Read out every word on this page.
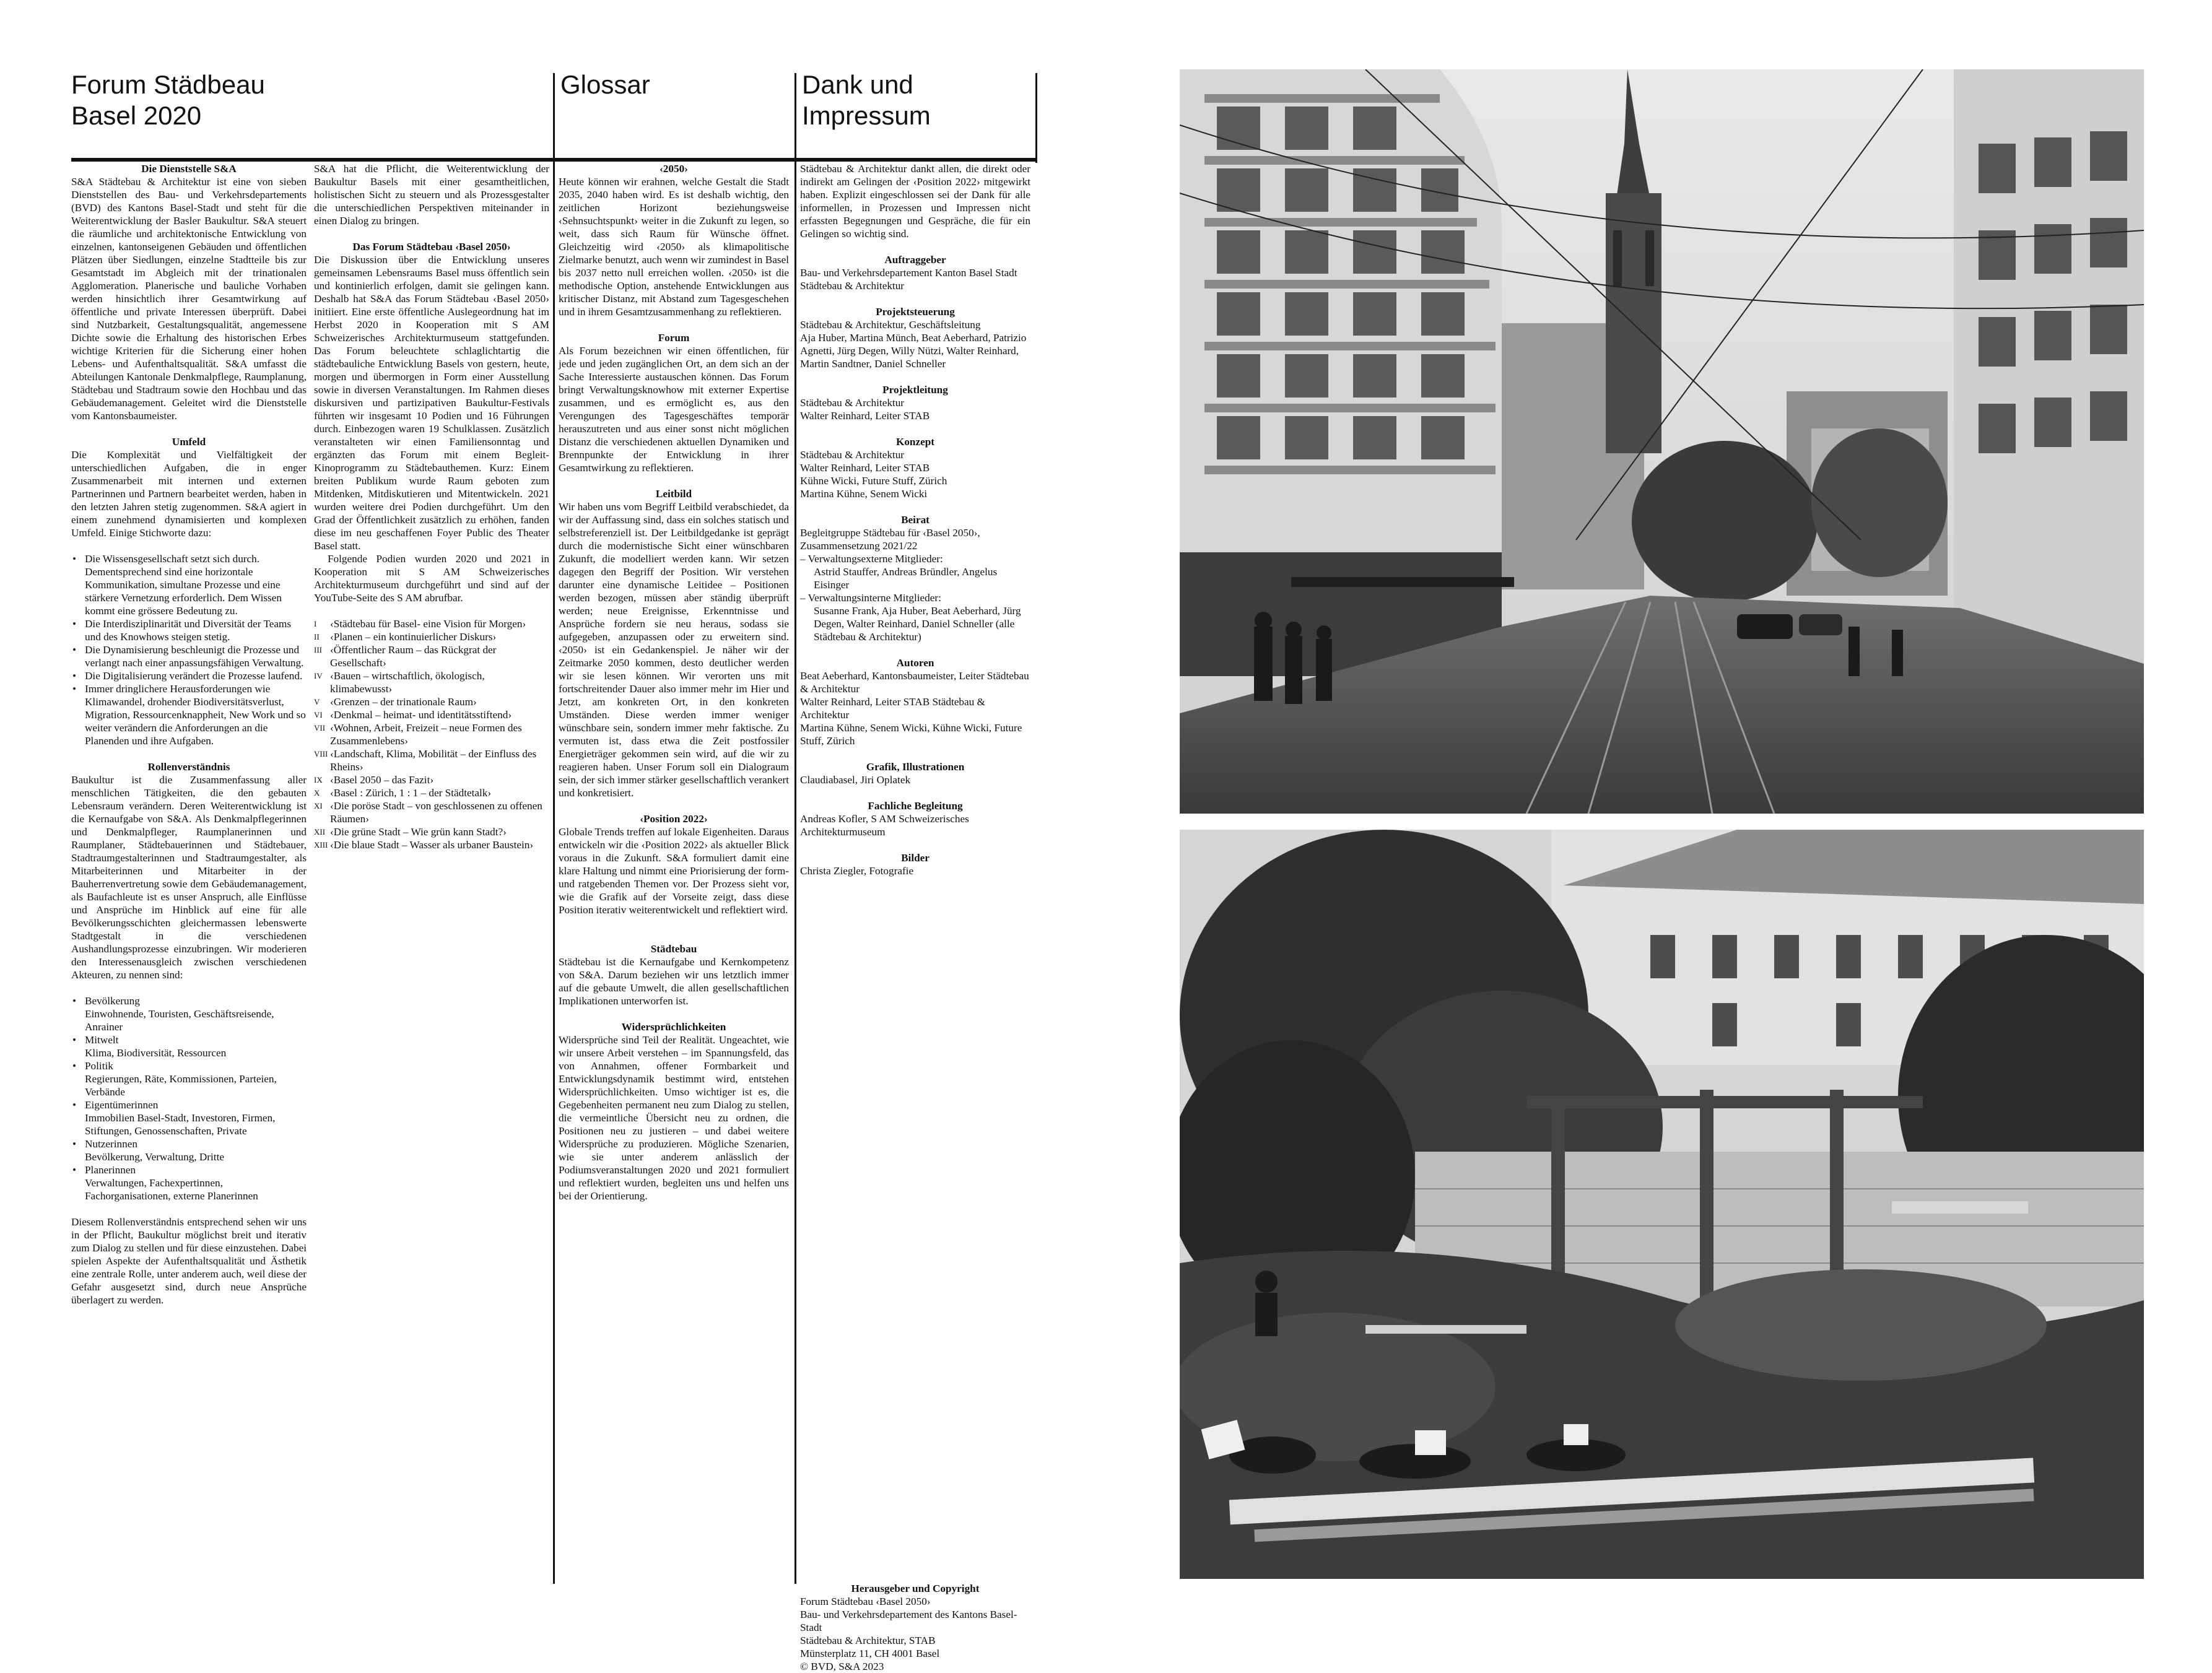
Forum Städbeau
Basel 2020
Glossar	Dank und
Impressum
Die Dienststelle S&A

S&A Städtebau & Architektur ist eine von sieben Dienststellen des Bau- und Verkehrsdepartements (BVD) des Kantons Basel-Stadt und steht für die Weiterentwicklung der Basler Baukultur. S&A steuert die räumliche und architektonische Entwicklung von einzelnen, kantonseigenen Gebäuden und öffentlichen Plätzen über Siedlungen, einzelne Stadtteile bis zur Gesamtstadt im Abgleich mit der trinationalen Agglomeration. Planerische und bauliche Vorhaben werden hinsichtlich ihrer Gesamtwirkung auf öffentliche und private Interessen überprüft. Dabei sind Nutzbarkeit, Gestaltungsqualität, angemessene Dichte sowie die Erhaltung des historischen Erbes wichtige Kriterien für die Sicherung einer hohen Lebens- und Aufenthaltsqualität. S&A umfasst die Abteilungen Kantonale Denkmalpflege, Raumplanung, Städtebau und Stadtraum sowie den Hochbau und das Gebäudemanagement. Geleitet wird die Dienststelle vom Kantonsbaumeister.

Umfeld

Die Komplexität und Vielfältigkeit der unterschiedlichen Aufgaben, die in enger Zusammenarbeit mit internen und externen Partnerinnen und Partnern bearbeitet werden, haben in den letzten Jahren stetig zugenommen. S&A agiert in einem zunehmend dynamisierten und komplexen Umfeld. Einige Stichworte dazu:

• Die Wissensgesellschaft setzt sich durch. Dementsprechend sind eine horizontale Kommunikation, simultane Prozesse und eine stärkere Vernetzung erforderlich. Dem Wissen kommt eine grössere Bedeutung zu.
• Die Interdisziplinarität und Diversität der Teams und des Knowhows steigen stetig.
• Die Dynamisierung beschleunigt die Prozesse und verlangt nach einer anpassungsfähigen Verwaltung.
• Die Digitalisierung verändert die Prozesse laufend.
• Immer dringlichere Herausforderungen wie Klimawandel, drohender Biodiversitätsverlust, Migration, Ressourcenknappheit, New Work und so weiter verändern die Anforderungen an die Planenden und ihre Aufgaben.
Rollenverständnis

Baukultur ist die Zusammenfassung aller menschlichen Tätigkeiten, die den gebauten Lebensraum verändern. Deren Weiterentwicklung ist die Kernaufgabe von S&A. Als Denkmalpflegerinnen und Denkmalpfleger, Raumplanerinnen und Raumplaner, Städtebauerinnen und Städtebauer, Stadtraumgestalterinnen und Stadtraumgestalter, als Mitarbeiterinnen und Mitarbeiter in der Bauherrenvertretung sowie dem Gebäudemanagement, als Baufachleute ist es unser Anspruch, alle Einflüsse und Ansprüche im Hinblick auf eine für alle Bevölkerungsschichten gleichermassen lebenswerte Stadtgestalt in die verschiedenen Aushandlungsprozesse einzubringen. Wir moderieren den Interessenausgleich zwischen verschiedenen Akteuren, zu nennen sind:

• Bevölkerung
Einwohnende, Touristen, Geschäftsreisende, Anrainer
• Mitwelt
Klima, Biodiversität, Ressourcen
• Politik
Regierungen, Räte, Kommissionen, Parteien, Verbände
• Eigentümerinnen
Immobilien Basel-Stadt, Investoren, Firmen, Stiftungen, Genossenschaften, Private
• Nutzerinnen
Bevölkerung, Verwaltung, Dritte
• Planerinnen
Verwaltungen, Fachexpertinnen, Fachorganisationen, externe Planerinnen

Diesem Rollenverständnis entsprechend sehen wir uns in der Pflicht, Baukultur möglichst breit und iterativ zum Dialog zu stellen und für diese einzustehen. Dabei spielen Aspekte der Aufenthaltsqualität und Ästhetik eine zentrale Rolle, unter anderem auch, weil diese der Gefahr ausgesetzt sind, durch neue Ansprüche überlagert zu werden.

S&A hat die Pflicht, die Weiterentwicklung der Baukultur Basels mit einer gesamtheitlichen, holistischen Sicht zu steuern und als Prozessgestalter die unterschiedlichen Perspektiven miteinander in einen Dialog zu bringen.

Das Forum Städtebau ‹Basel 2050›

Die Diskussion über die Entwicklung unseres gemeinsamen Lebensraums Basel muss öffentlich sein und kontinierlich erfolgen, damit sie gelingen kann. Deshalb hat S&A das Forum Städtebau ‹Basel 2050› initiiert. Eine erste öffentliche Auslegeordnung hat im Herbst 2020 in Kooperation mit S AM Schweizerisches Architekturmuseum stattgefunden. Das Forum beleuchtete schlaglichtartig die städtebauliche Entwicklung Basels von gestern, heute, morgen und übermorgen in Form einer Ausstellung sowie in diversen Veranstaltungen. Im Rahmen dieses diskursiven und partizipativen Baukultur-Festivals führten wir insgesamt 10 Podien und 16 Führungen durch. Einbezogen waren 19 Schulklassen. Zusätzlich veranstalteten wir einen Familiensonntag und ergänzten das Forum mit einem Begleit-Kinoprogramm zu Städtebauthemen. Kurz: Einem breiten Publikum wurde Raum geboten zum Mitdenken, Mitdiskutieren und Mitentwickeln. 2021 wurden weitere drei Podien durchgeführt. Um den Grad der Öffentlichkeit zusätzlich zu erhöhen, fanden diese im neu geschaffenen Foyer Public des Theater Basel statt.

Folgende Podien wurden 2020 und 2021 in Kooperation mit S AM Schweizerisches Architekturmuseum durchgeführt und sind auf der YouTube-Seite des S AM abrufbar.

I	‹Städtebau für Basel- eine Vision für Morgen›
II	‹Planen – ein kontinuierlicher Diskurs›
III ‹Öffentlicher Raum – das Rückgrat der Gesellschaft›
IV ‹Bauen – wirtschaftlich, ökologisch, klimabewusst›
V ‹Grenzen – der trinationale Raum›
VI ‹Denkmal – heimat- und identitätsstiftend›
VII ‹Wohnen, Arbeit, Freizeit – neue Formen des Zusammenlebens›
VIII ‹Landschaft, Klima, Mobilität – der Einfluss des Rheins›
IX ‹Basel 2050 – das Fazit›
X ‹Basel : Zürich, 1 : 1 – der Städtetalk›
XI ‹Die poröse Stadt – von geschlossenen zu offenen Räumen›
XII ‹Die grüne Stadt – Wie grün kann Stadt?›
XIII ‹Die blaue Stadt – Wasser als urbaner Baustein›
‹2050›

Heute können wir erahnen, welche Gestalt die Stadt 2035, 2040 haben wird. Es ist deshalb wichtig, den zeitlichen Horizont beziehungsweise ‹Sehnsuchtspunkt› weiter in die Zukunft zu legen, so weit, dass sich Raum für Wünsche öffnet. Gleichzeitig wird ‹2050› als klimapolitische Zielmarke benutzt, auch wenn wir zumindest in Basel bis 2037 netto null erreichen wollen. ‹2050› ist die methodische Option, anstehende Entwicklungen aus kritischer Distanz, mit Abstand zum Tagesgeschehen und in ihrem Gesamtzusammenhang zu reflektieren.

Forum

Als Forum bezeichnen wir einen öffentlichen, für jede und jeden zugänglichen Ort, an dem sich an der Sache Interessierte austauschen können. Das Forum bringt Verwaltungsknowhow mit externer Expertise zusammen, und es ermöglicht es, aus den Verengungen des Tagesgeschäftes temporär herauszutreten und aus einer sonst nicht möglichen Distanz die verschiedenen aktuellen Dynamiken und Brennpunkte der Entwicklung in ihrer Gesamtwirkung zu reflektieren.

Leitbild

Wir haben uns vom Begriff Leitbild verabschiedet, da wir der Auffassung sind, dass ein solches statisch und selbstreferenziell ist. Der Leitbildgedanke ist geprägt durch die modernistische Sicht einer wünschbaren Zukunft, die modelliert werden kann. Wir setzen dagegen den Begriff der Position. Wir verstehen darunter eine dynamische Leitidee – Positionen werden bezogen, müssen aber ständig überprüft werden; neue Ereignisse, Erkenntnisse und Ansprüche fordern sie neu heraus, sodass sie aufgegeben, anzupassen oder zu erweitern sind. ‹2050› ist ein Gedankenspiel. Je näher wir der Zeitmarke 2050 kommen, desto deutlicher werden wir sie lesen können. Wir verorten uns mit fortschreitender Dauer also immer mehr im Hier und Jetzt, am konkreten Ort, in den konkreten Umständen. Diese werden immer weniger wünschbare sein, sondern immer mehr faktische. Zu vermuten ist, dass etwa die Zeit postfossiler Energieträger gekommen sein wird, auf die wir zu reagieren haben. Unser Forum soll ein Dialograum sein, der sich immer stärker gesellschaftlich verankert und konkretisiert.

‹Position 2022›

Globale Trends treffen auf lokale Eigenheiten. Daraus entwickeln wir die ‹Position 2022› als aktueller Blick voraus in die Zukunft. S&A formuliert damit eine klare Haltung und nimmt eine Priorisierung der form- und ratgebenden Themen vor. Der Prozess sieht vor, wie die Grafik auf der Vorseite zeigt, dass diese Position iterativ weiterentwickelt und reflektiert wird.

Städtebau

Städtebau ist die Kernaufgabe und Kernkompetenz von S&A. Darum beziehen wir uns letztlich immer auf die gebaute Umwelt, die allen gesellschaftlichen Implikationen unterworfen ist.

Widersprüchlichkeiten

Widersprüche sind Teil der Realität. Ungeachtet, wie wir unsere Arbeit verstehen – im Spannungsfeld, das von Annahmen, offener Formbarkeit und Entwicklungsdynamik bestimmt wird, entstehen Widersprüchlichkeiten. Umso wichtiger ist es, die Gegebenheiten permanent neu zum Dialog zu stellen, die vermeintliche Übersicht neu zu ordnen, die Positionen neu zu justieren – und dabei weitere Widersprüche zu produzieren. Mögliche Szenarien, wie sie unter anderem anlässlich der Podiumsveranstaltungen 2020 und 2021 formuliert und reflektiert wurden, begleiten uns und helfen uns bei der Orientierung.

Städtebau & Architektur dankt allen, die direkt oder indirekt am Gelingen der ‹Position 2022› mitgewirkt haben. Explizit eingeschlossen sei der Dank für alle informellen, in Prozessen und Impressen nicht erfassten Begegnungen und Gespräche, die für ein Gelingen so wichtig sind.

Auftraggeber

Bau- und Verkehrsdepartement Kanton Basel Stadt

Städtebau & Architektur

Projektsteuerung

Städtebau & Architektur, Geschäftsleitung

Aja Huber, Martina Münch, Beat Aeberhard, Patrizio Agnetti, Jürg Degen, Willy Nützi, Walter Reinhard, Martin Sandtner, Daniel Schneller

Projektleitung

Städtebau & Architektur

Walter Reinhard, Leiter STAB

Konzept

Städtebau & Architektur

Walter Reinhard, Leiter STAB

Kühne Wicki, Future Stuff, Zürich

Martina Kühne, Senem Wicki

Beirat

Begleitgruppe Städtebau für ‹Basel 2050›, Zusammensetzung 2021/22

– Verwaltungsexterne Mitglieder:

Astrid Stauffer, Andreas Bründler, Angelus Eisinger

– Verwaltungsinterne Mitglieder:

Susanne Frank, Aja Huber, Beat Aeberhard, Jürg Degen, Walter Reinhard, Daniel Schneller (alle Städtebau & Architektur)

Autoren

Beat Aeberhard, Kantonsbaumeister, Leiter Städtebau & Architektur

Walter Reinhard, Leiter STAB Städtebau & Architektur

Martina Kühne, Senem Wicki, Kühne Wicki, Future Stuff, Zürich

Grafik, Illustrationen

Claudiabasel, Jiri Oplatek

Fachliche Begleitung

Andreas Kofler, S AM Schweizerisches Architekturmuseum

Bilder

Christa Ziegler, Fotografie

Herausgeber und Copyright

Forum Städtebau ‹Basel 2050›

Bau- und Verkehrsdepartement des Kantons Basel-Stadt

Städtebau & Architektur, STAB

Münsterplatz 11, CH 4001 Basel

© BVD, S&A 2023
